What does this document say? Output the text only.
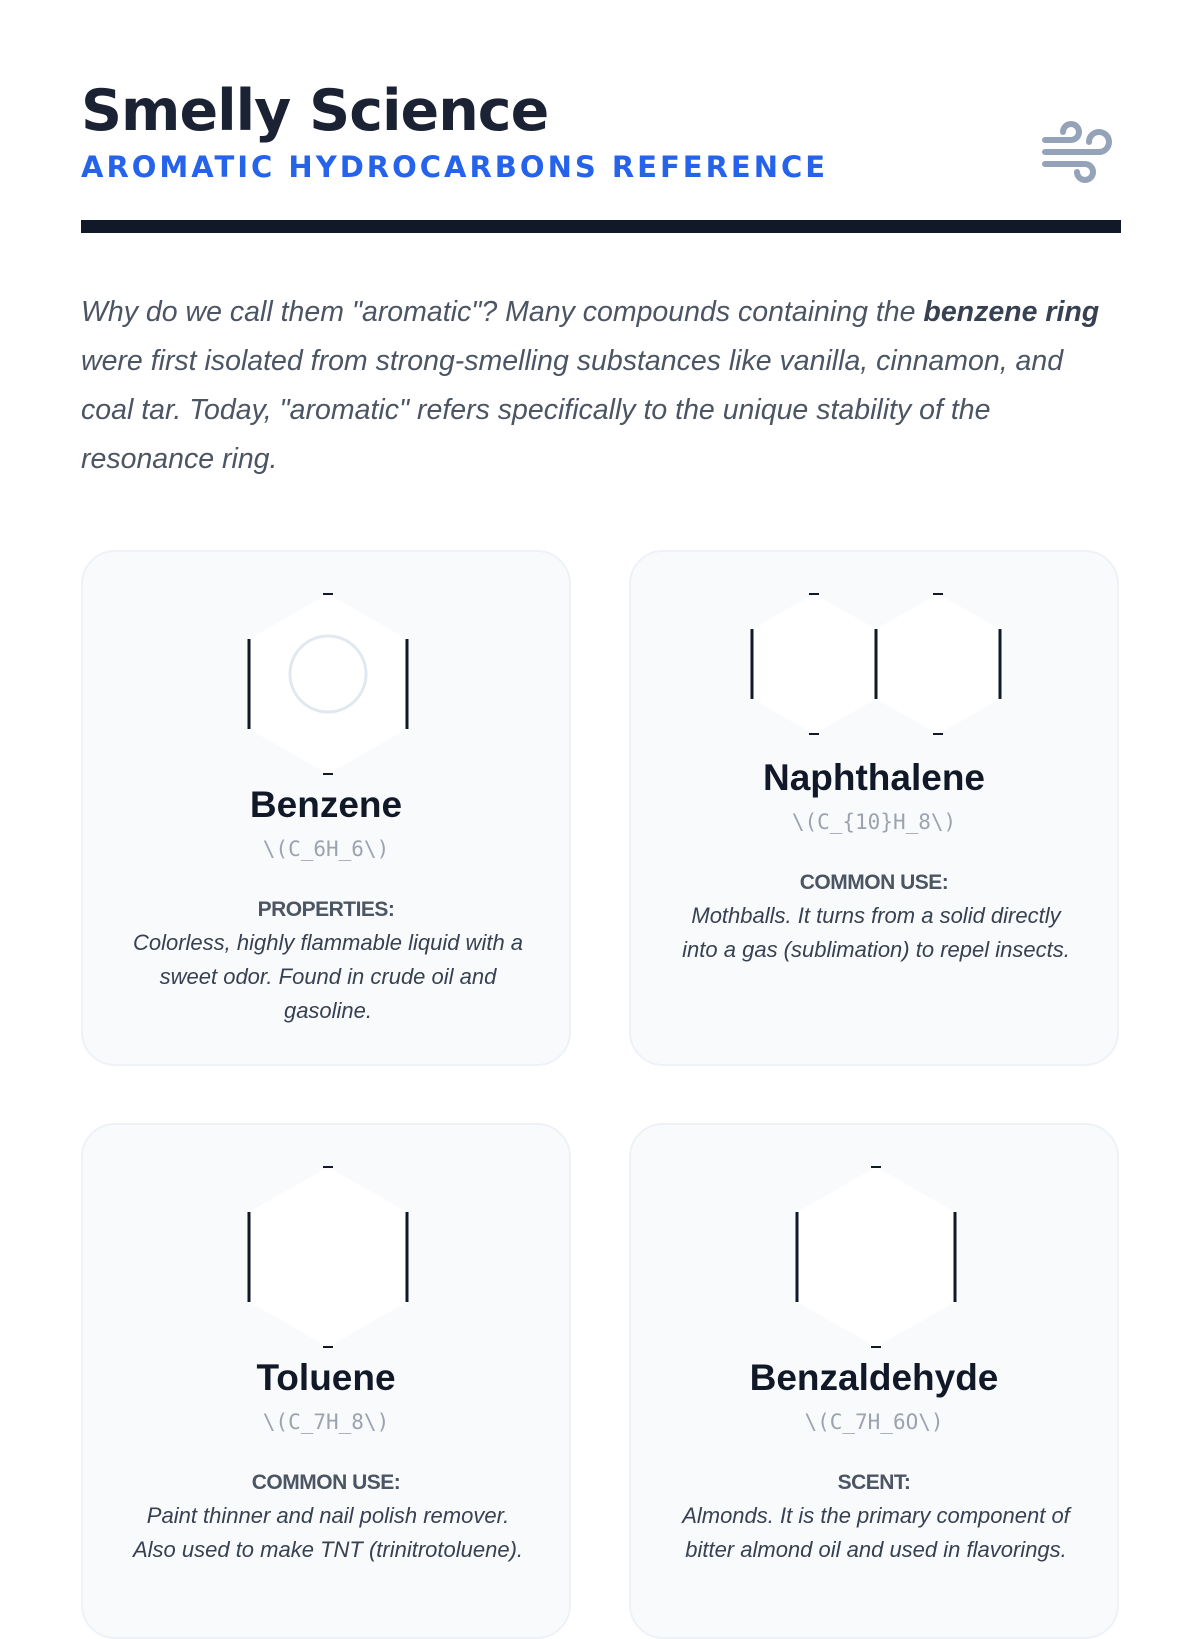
Smelly Science
AROMATIC HYDROCARBONS REFERENCE

Why do we call them "aromatic"? Many compounds containing the benzene ring were first isolated from strong-smelling substances like vanilla, cinnamon, and coal tar. Today, "aromatic" refers specifically to the unique stability of the resonance ring.

Benzene
\(C_6H_6\)
PROPERTIES:
Colorless, highly flammable liquid with a sweet odor. Found in crude oil and gasoline.
Naphthalene
\(C_{10}H_8\)
COMMON USE:
Mothballs. It turns from a solid directly into a gas (sublimation) to repel insects.
Toluene
\(C_7H_8\)
COMMON USE:
Paint thinner and nail polish remover. Also used to make TNT (trinitrotoluene).
Benzaldehyde
\(C_7H_6O\)
SCENT:
Almonds. It is the primary component of bitter almond oil and used in flavorings.
